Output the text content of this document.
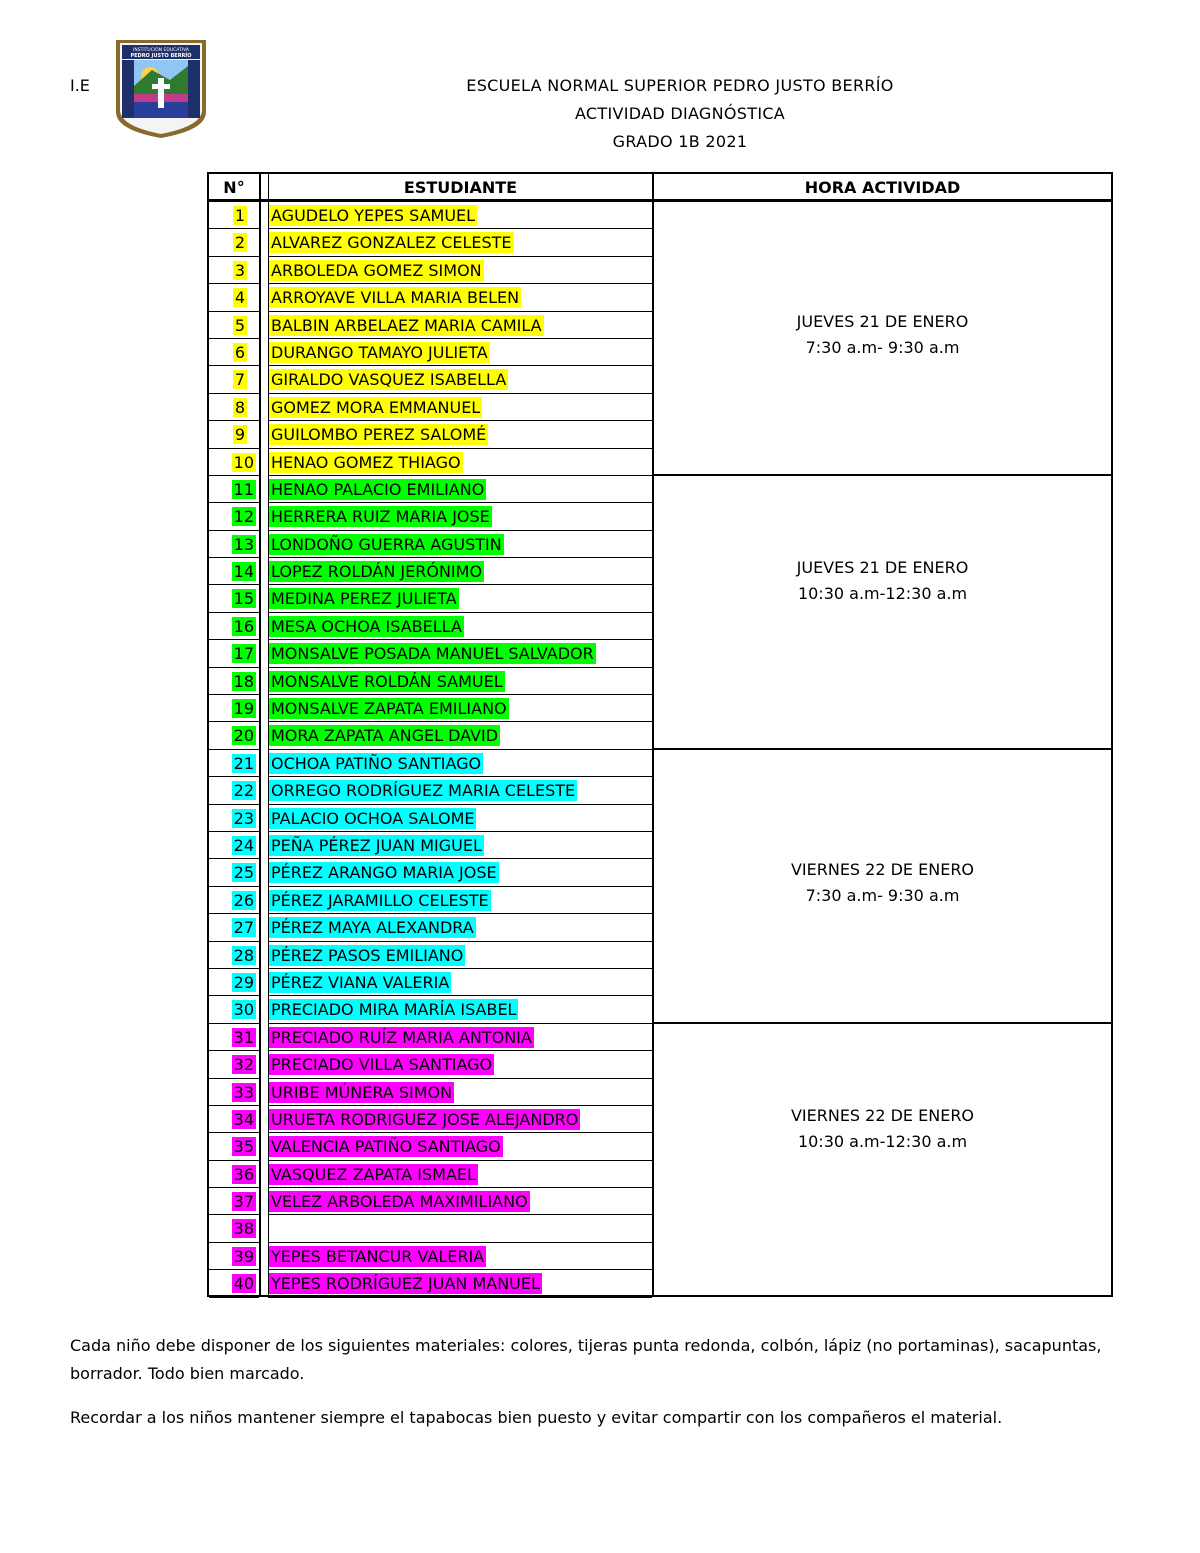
I.E
INSTITUCIÓN EDUCATIVA
PEDRO JUSTO BERRÍO
ESCUELA NORMAL SUPERIOR PEDRO JUSTO BERRÍO
ACTIVIDAD DIAGNÓSTICA
GRADO 1B 2021
N°	ESTUDIANTE	HORA ACTIVIDAD
1 AGUDELO YEPES SAMUEL
2 ALVAREZ GONZALEZ CELESTE
3 ARBOLEDA GOMEZ SIMON
4 ARROYAVE VILLA MARIA BELEN
5 BALBIN ARBELAEZ MARIA CAMILA
6 DURANGO TAMAYO JULIETA
7 GIRALDO VASQUEZ ISABELLA
8 GOMEZ MORA EMMANUEL
9 GUILOMBO PEREZ SALOMÉ
10 HENAO GOMEZ THIAGO
11 HENAO PALACIO EMILIANO
12 HERRERA RUIZ MARIA JOSE
13 LONDOÑO GUERRA AGUSTIN
14 LOPEZ ROLDÁN JERÓNIMO
15 MEDINA PEREZ JULIETA
16 MESA OCHOA ISABELLA
17 MONSALVE POSADA MANUEL SALVADOR
18 MONSALVE ROLDÁN SAMUEL
19 MONSALVE ZAPATA EMILIANO
20 MORA ZAPATA ANGEL DAVID
21 OCHOA PATIÑO SANTIAGO
22 ORREGO RODRÍGUEZ MARIA CELESTE
23 PALACIO OCHOA SALOME
24 PEÑA PÉREZ JUAN MIGUEL
25 PÉREZ ARANGO MARIA JOSE
26 PÉREZ JARAMILLO CELESTE
27 PÉREZ MAYA ALEXANDRA
28 PÉREZ PASOS EMILIANO
29 PÉREZ VIANA VALERIA
30 PRECIADO MIRA MARÍA ISABEL
31 PRECIADO RUÍZ MARIA ANTONIA
32 PRECIADO VILLA SANTIAGO
33 URIBE MÚNERA SIMON
34 URUETA RODRIGUEZ JOSE ALEJANDRO
35 VALENCIA PATIÑO SANTIAGO
36 VASQUEZ ZAPATA ISMAEL
37 VELEZ ARBOLEDA MAXIMILIANO
38
39 YEPES BETANCUR VALERIA
40 YEPES RODRÍGUEZ JUAN MANUEL
JUEVES 21 DE ENERO
7:30 a.m- 9:30 a.m
JUEVES 21 DE ENERO
10:30 a.m-12:30 a.m
VIERNES 22 DE ENERO
7:30 a.m- 9:30 a.m
VIERNES 22 DE ENERO
10:30 a.m-12:30 a.m
Cada niño debe disponer de los siguientes materiales: colores, tijeras punta redonda, colbón, lápiz (no portaminas), sacapuntas, borrador. Todo bien marcado.
Recordar a los niños mantener siempre el tapabocas bien puesto y evitar compartir con los compañeros el material.
